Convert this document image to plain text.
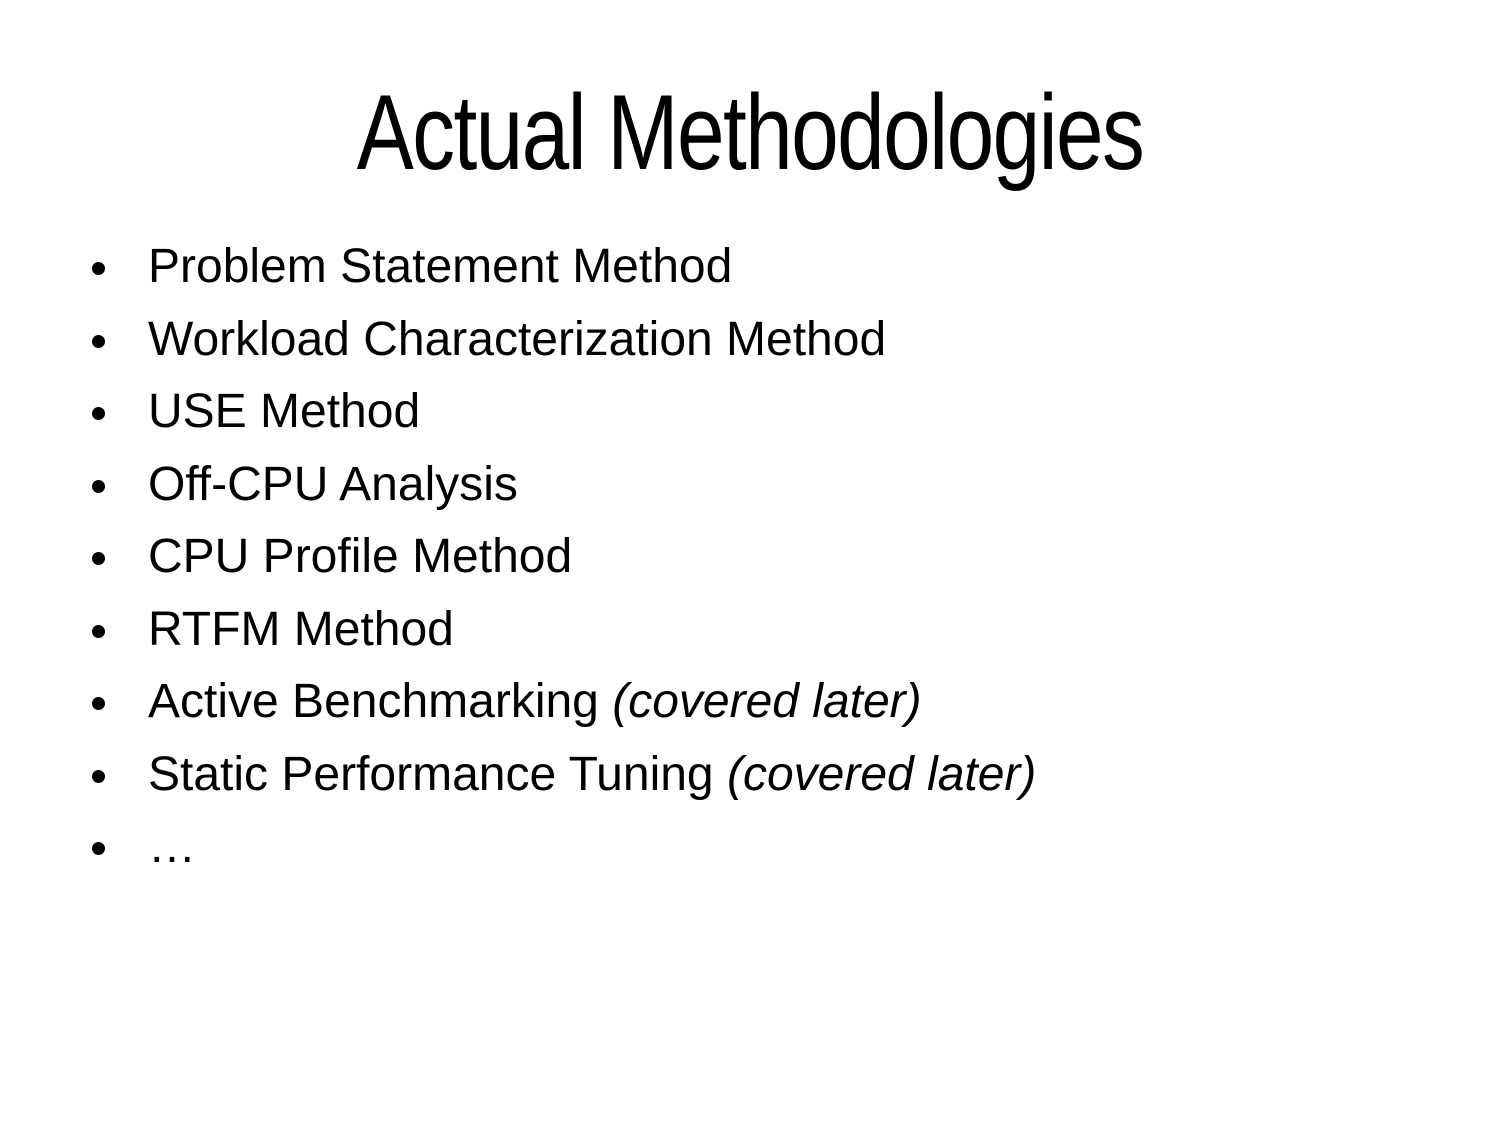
Actual Methodologies
Problem Statement Method
Workload Characterization Method
USE Method
Off-CPU Analysis
CPU Profile Method
RTFM Method
Active Benchmarking (covered later)
Static Performance Tuning (covered later)
…
